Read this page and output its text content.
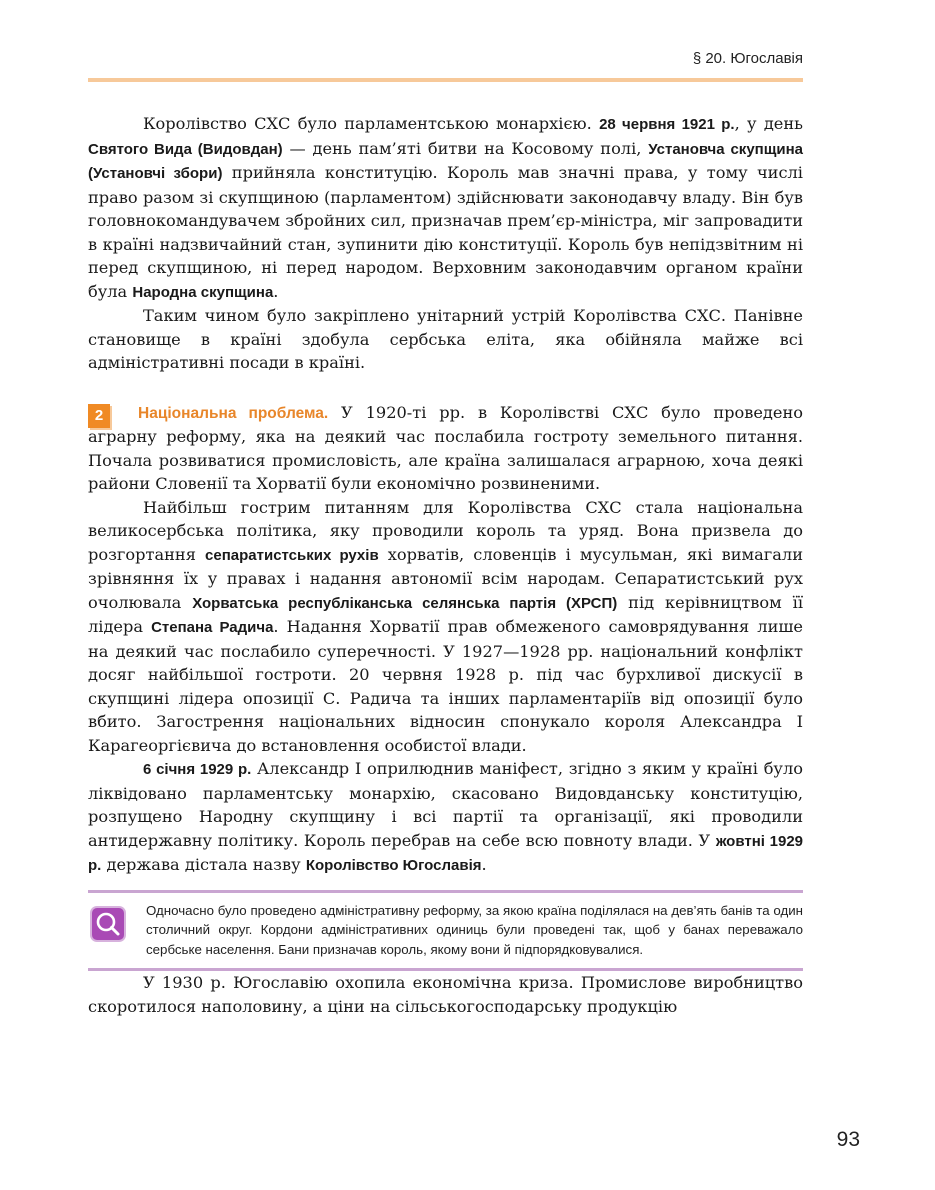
§ 20. Югославія

Королівство СХС було парламентською монархією. 28 червня 1921 р., у день Святого Вида (Видовдан) — день пам’яті битви на Косовому полі, Установча скупщина (Установчі збори) прийняла конституцію. Король мав значні права, у тому числі право разом зі скупщиною (парламентом) здійснювати законодавчу владу. Він був головнокомандувачем збройних сил, призначав прем’єр-міністра, міг запровадити в країні надзвичайний стан, зупинити дію конституції. Король був непідзвітним ні перед скупщиною, ні перед народом. Верховним законодавчим органом країни була Народна скупщина.

Таким чином було закріплено унітарний устрій Королівства СХС. Панівне становище в країні здобула сербська еліта, яка обійняла майже всі адміністративні посади в країні.

2	Національна проблема. У 1920-ті рр. в Королівстві СХС було проведено аграрну реформу, яка на деякий час послабила гостроту земельного питання. Почала розвиватися промисловість, але країна залишалася аграрною, хоча деякі райони Словенії та Хорватії були економічно розвиненими.

Найбільш гострим питанням для Королівства СХС стала національна великосербська політика, яку проводили король та уряд. Вона призвела до розгортання сепаратистських рухів хорватів, словенців і мусульман, які вимагали зрівняння їх у правах і надання автономії всім народам. Сепаратистський рух очолювала Хорватська республіканська селянська партія (ХРСП) під керівництвом її лідера Степана Радича. Надання Хорватії прав обмеженого самоврядування лише на деякий час послабило суперечності. У 1927—1928 рр. національний конфлікт досяг найбільшої гостроти. 20 червня 1928 р. під час бурхливої дискусії в скупщині лідера опозиції С. Радича та інших парламентаріїв від опозиції було вбито. Загострення національних відносин спонукало короля Александра І Карагеоргієвича до встановлення особистої влади.

6 січня 1929 р. Александр І оприлюднив маніфест, згідно з яким у країні було ліквідовано парламентську монархію, скасовано Видовданську конституцію, розпущено Народну скупщину і всі партії та організації, які проводили антидержавну політику. Король перебрав на себе всю повноту влади. У жовтні 1929 р. держава дістала назву Королівство Югославія.

Одночасно було проведено адміністративну реформу, за якою країна поділялася на дев’ять банів та один столичний округ. Кордони адміністративних одиниць були проведені так, щоб у банах переважало сербське населення. Бани призначав король, якому вони й підпорядковувалися.

У 1930 р. Югославію охопила економічна криза. Промислове виробництво скоротилося наполовину, а ціни на сільськогосподарську продукцію

93
